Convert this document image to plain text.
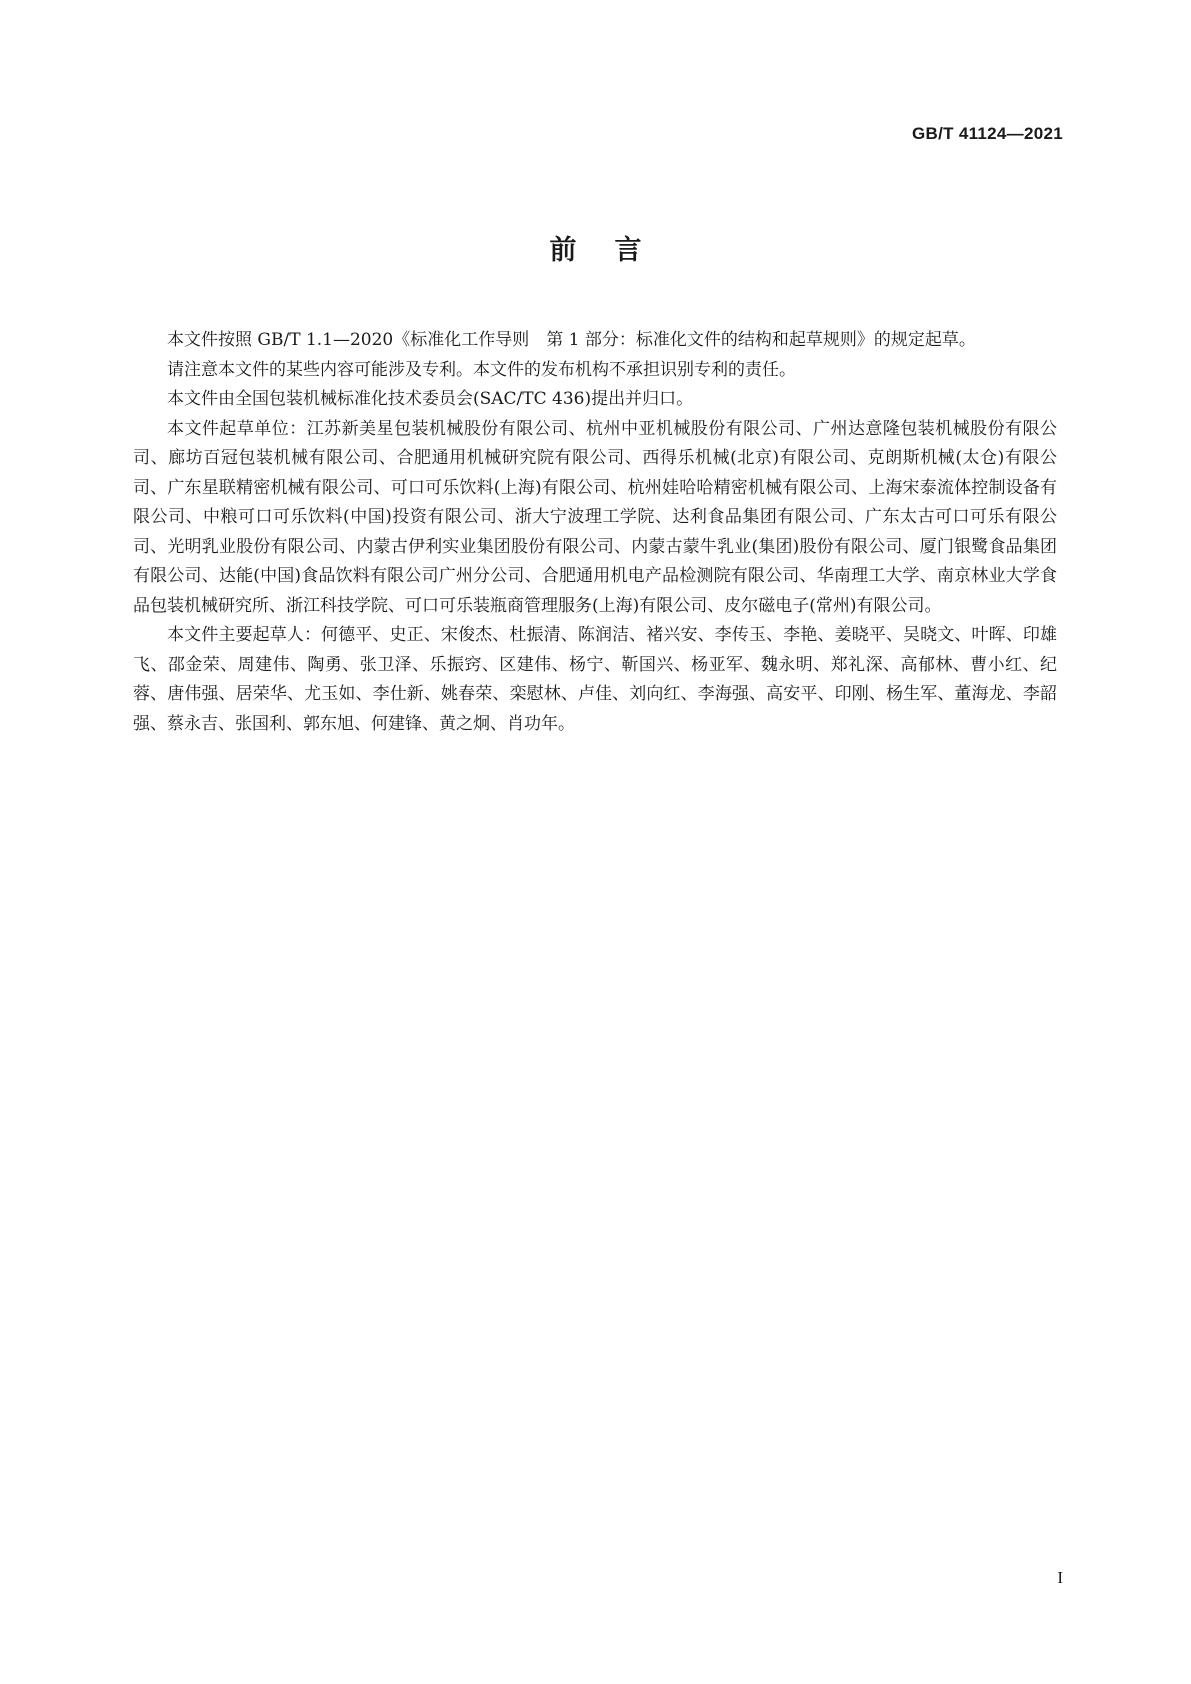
GB/T 41124—2021
前言

本文件按照 GB/T 1.1—2020《标准化工作导则　第 1 部分：标准化文件的结构和起草规则》的规定起草。

请注意本文件的某些内容可能涉及专利。本文件的发布机构不承担识别专利的责任。

本文件由全国包装机械标准化技术委员会(SAC/TC 436)提出并归口。

本文件起草单位：江苏新美星包装机械股份有限公司、杭州中亚机械股份有限公司、广州达意隆包装机械股份有限公司、廊坊百冠包装机械有限公司、合肥通用机械研究院有限公司、西得乐机械(北京)有限公司、克朗斯机械(太仓)有限公司、广东星联精密机械有限公司、可口可乐饮料(上海)有限公司、杭州娃哈哈精密机械有限公司、上海宋泰流体控制设备有限公司、中粮可口可乐饮料(中国)投资有限公司、浙大宁波理工学院、达利食品集团有限公司、广东太古可口可乐有限公司、光明乳业股份有限公司、内蒙古伊利实业集团股份有限公司、内蒙古蒙牛乳业(集团)股份有限公司、厦门银鹭食品集团有限公司、达能(中国)食品饮料有限公司广州分公司、合肥通用机电产品检测院有限公司、华南理工大学、南京林业大学食品包装机械研究所、浙江科技学院、可口可乐装瓶商管理服务(上海)有限公司、皮尔磁电子(常州)有限公司。

本文件主要起草人：何德平、史正、宋俊杰、杜振清、陈润洁、褚兴安、李传玉、李艳、姜晓平、吴晓文、叶晖、印雄飞、邵金荣、周建伟、陶勇、张卫泽、乐振窍、区建伟、杨宁、靳国兴、杨亚军、魏永明、郑礼深、高郁林、曹小红、纪蓉、唐伟强、居荣华、尤玉如、李仕新、姚春荣、栾慰林、卢佳、刘向红、李海强、高安平、印刚、杨生军、董海龙、李韶强、蔡永吉、张国利、郭东旭、何建锋、黄之炯、肖功年。

I
